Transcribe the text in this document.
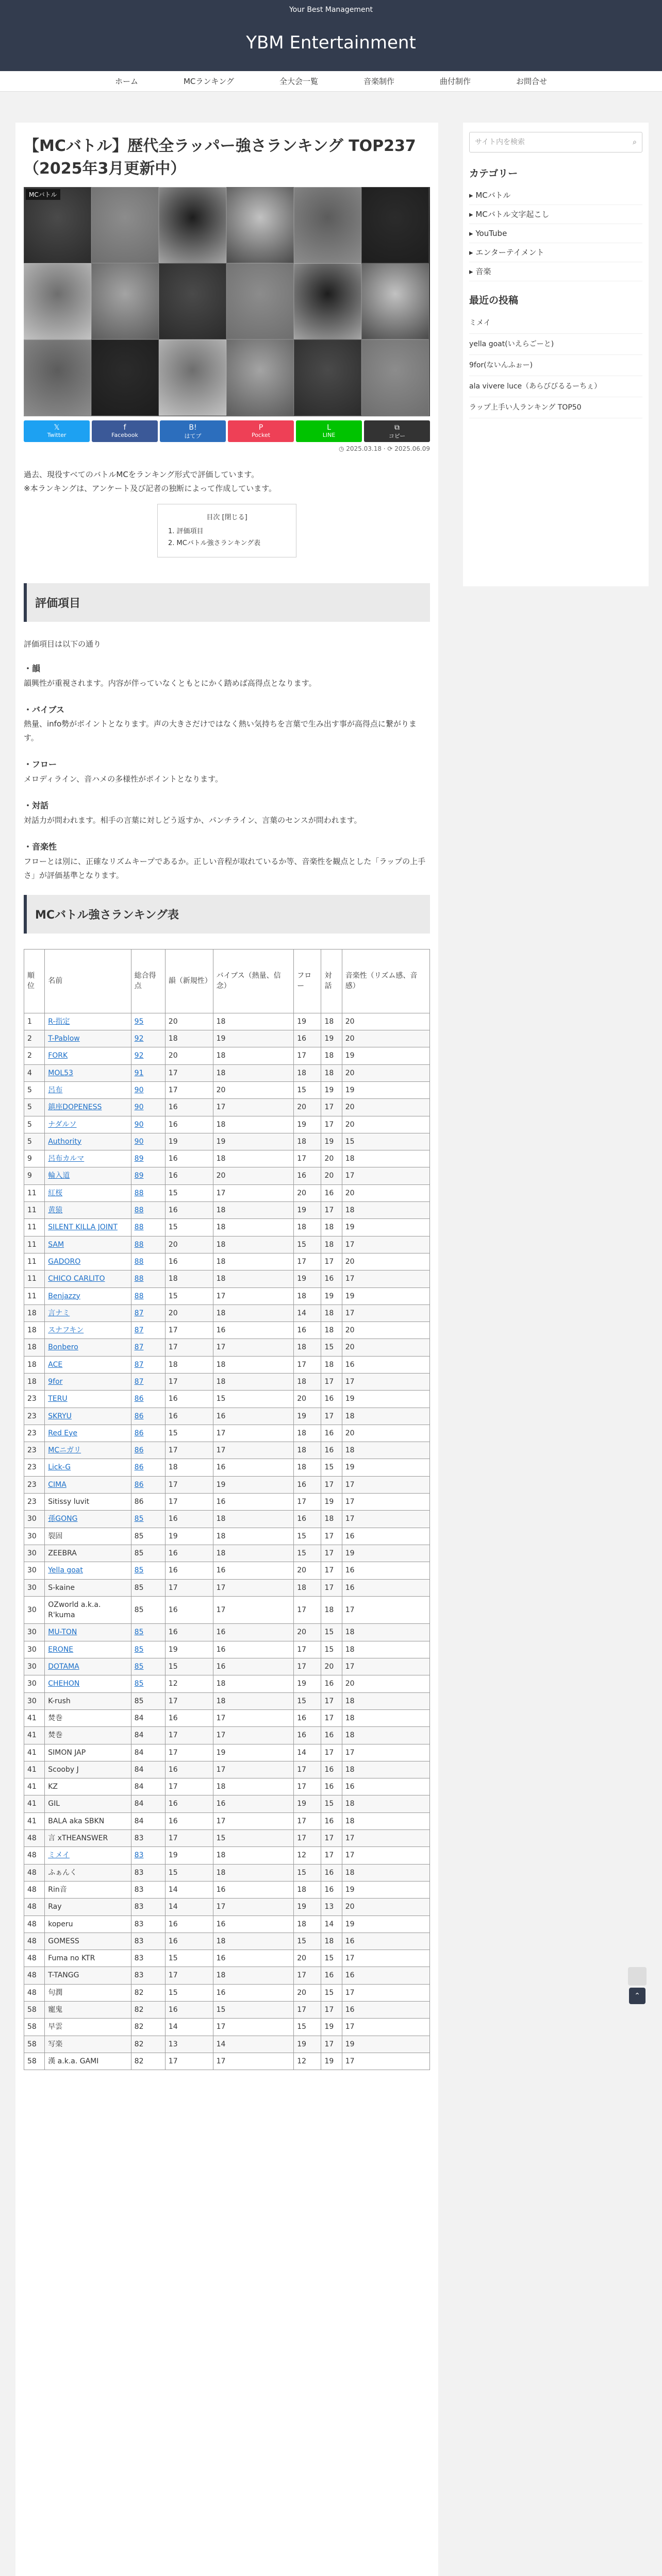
Your Best Management
YBM Entertainment
ホーム	MCランキング	全大会一覧	音楽制作	曲付制作	お問合せ
【MCバトル】歴代全ラッパー強さランキング TOP237（2025年3月更新中）
MCバトル
𝕏
Twitter
f
Facebook
B!
はてブ
P
Pocket
L
LINE
⧉
コピー
◷ 2025.03.18 · ⟳ 2025.06.09
過去、現役すべてのバトルMCをランキング形式で評価しています。
※本ランキングは、アンケート及び記者の独断によって作成しています。
目次 [閉じる]
1. 評価項目
2. MCバトル強さランキング表
評価項目
評価項目は以下の通り
・韻
韻興性が重視されます。内容が伴っていなくともとにかく踏めば高得点となります。
・バイブス
熱量、info勢がポイントとなります。声の大きさだけではなく熱い気持ちを言葉で生み出す事が高得点に繋がります。
・フロー
メロディライン、音ハメの多様性がポイントとなります。
・対話
対話力が問われます。相手の言葉に対しどう返すか、パンチライン、言葉のセンスが問われます。
・音楽性
フローとは別に、正確なリズムキープであるか。正しい音程が取れているか等、音楽性を観点とした「ラップの上手さ」が評価基準となります。
MCバトル強さランキング表
順位	名前	総合得点	韻（新規性）	バイブス（熱量、信念）	フロー	対話	音楽性（リズム感、音感）
1	R-指定	95	20	18	19	18	20
2	T-Pablow	92	18	19	16	19	20
2	FORK	92	20	18	17	18	19
4	MOL53	91	17	18	18	18	20
5	呂布	90	17	20	15	19	19
5	鎮座DOPENESS	90	16	17	20	17	20
5	ナダルソ	90	16	18	19	17	20
5	Authority	90	19	19	18	19	15
9	呂布カルマ	89	16	18	17	20	18
9	輪入道	89	16	20	16	20	17
11	紅桜	88	15	17	20	16	20
11	黄猿	88	16	18	19	17	18
11	SILENT KILLA JOINT	88	15	18	18	18	19
11	SAM	88	20	18	15	18	17
11	GADORO	88	16	18	17	17	20
11	CHICO CARLITO	88	18	18	19	16	17
11	Benjazzy	88	15	17	18	19	19
18	言ナミ	87	20	18	14	18	17
18	スナフキン	87	17	16	16	18	20
18	Bonbero	87	17	17	18	15	20
18	ACE	87	18	18	17	18	16
18	9for	87	17	18	18	17	17
23	TERU	86	16	15	20	16	19
23	SKRYU	86	16	16	19	17	18
23	Red Eye	86	15	17	18	16	20
23	MCニガリ	86	17	17	18	16	18
23	Lick-G	86	18	16	18	15	19
23	CIMA	86	17	19	16	17	17
23	Sitissy luvit	86	17	16	17	19	17
30	孫GONG	85	16	18	16	18	17
30	裂固	85	19	18	15	17	16
30	ZEEBRA	85	16	18	15	17	19
30	Yella goat	85	16	16	20	17	16
30	S-kaine	85	17	17	18	17	16
30	OZworld a.k.a. R'kuma	85	16	17	17	18	17
30	MU-TON	85	16	16	20	15	18
30	ERONE	85	19	16	17	15	18
30	DOTAMA	85	15	16	17	20	17
30	CHEHON	85	12	18	19	16	20
30	K-rush	85	17	18	15	17	18
41	焚巻	84	16	17	16	17	18
41	焚巻	84	17	17	16	16	18
41	SIMON JAP	84	17	19	14	17	17
41	Scooby J	84	16	17	17	16	18
41	KZ	84	17	18	17	16	16
41	GIL	84	16	16	19	15	18
41	BALA aka SBKN	84	16	17	17	16	18
48	言 xTHEANSWER	83	17	15	17	17	17
48	ミメイ	83	19	18	12	17	17
48	ふぁんく	83	15	18	15	16	18
48	Rin音	83	14	16	18	16	19
48	Ray	83	14	17	19	13	20
48	koperu	83	16	16	18	14	19
48	GOMESS	83	16	18	15	18	16
48	Fuma no KTR	83	15	16	20	15	17
48	T-TANGG	83	17	18	17	16	16
48	句潤	82	15	16	20	15	17
58	寵鬼	82	16	15	17	17	16
58	早雲	82	14	17	15	19	17
58	写楽	82	13	14	19	17	19
58	漢 a.k.a. GAMI	82	17	17	12	19	17
サイト内を検索	⌕
カテゴリー
▸ MCバトル
▸ MCバトル文字起こし
▸ YouTube
▸ エンターテイメント
▸ 音楽
最近の投稿
ミメイ
yella goat(いえらごーと)
9for(ないんふぉー)
ala vivere luce（あらびびるるーちぇ）
ラップ上手い人ランキング TOP50
⌃
